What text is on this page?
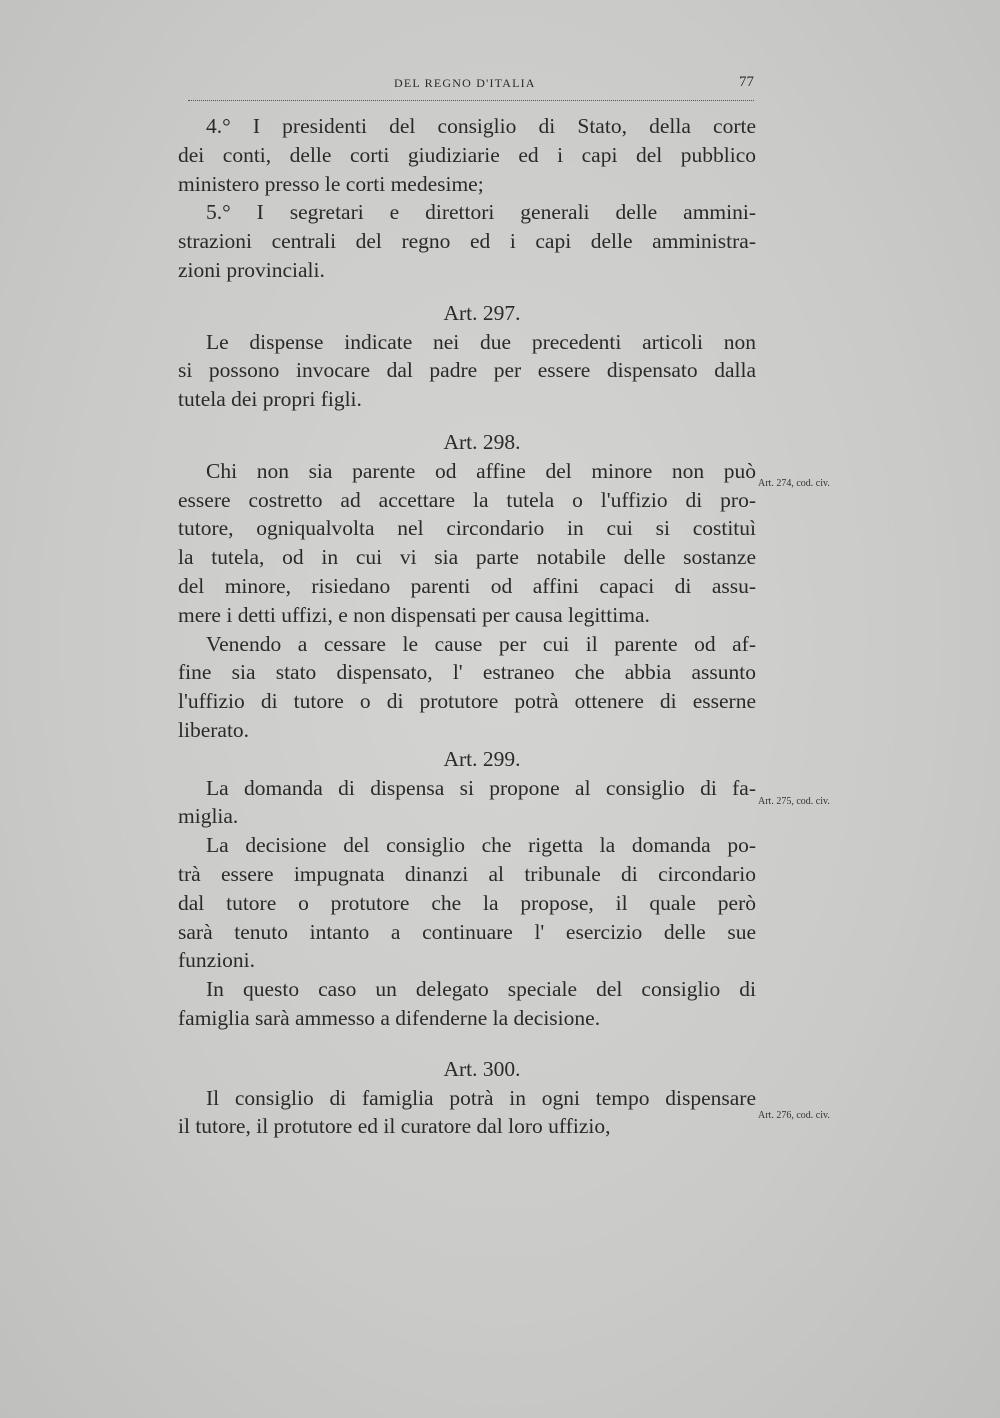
DEL REGNO D'ITALIA	77
4.° I presidenti del consiglio di Stato, della corte
dei conti, delle corti giudiziarie ed i capi del pubblico
ministero presso le corti medesime;
5.° I segretari e direttori generali delle ammini-
strazioni centrali del regno ed i capi delle amministra-
zioni provinciali.
Art. 297.
Le dispense indicate nei due precedenti articoli non
si possono invocare dal padre per essere dispensato dalla
tutela dei propri figli.
Art. 298.
Chi non sia parente od affine del minore non può
essere costretto ad accettare la tutela o l'uffizio di pro-
tutore, ogniqualvolta nel circondario in cui si costituì
la tutela, od in cui vi sia parte notabile delle sostanze
del minore, risiedano parenti od affini capaci di assu-
mere i detti uffizi, e non dispensati per causa legittima.
Venendo a cessare le cause per cui il parente od af-
fine sia stato dispensato, l' estraneo che abbia assunto
l'uffizio di tutore o di protutore potrà ottenere di esserne
liberato.
Art. 299.
La domanda di dispensa si propone al consiglio di fa-
miglia.
La decisione del consiglio che rigetta la domanda po-
trà essere impugnata dinanzi al tribunale di circondario
dal tutore o protutore che la propose, il quale però
sarà tenuto intanto a continuare l' esercizio delle sue
funzioni.
In questo caso un delegato speciale del consiglio di
famiglia sarà ammesso a difenderne la decisione.
Art. 300.
Il consiglio di famiglia potrà in ogni tempo dispensare
il tutore, il protutore ed il curatore dal loro uffizio,
Art. 274, cod. civ.
Art. 275, cod. civ.
Art. 276, cod. civ.
